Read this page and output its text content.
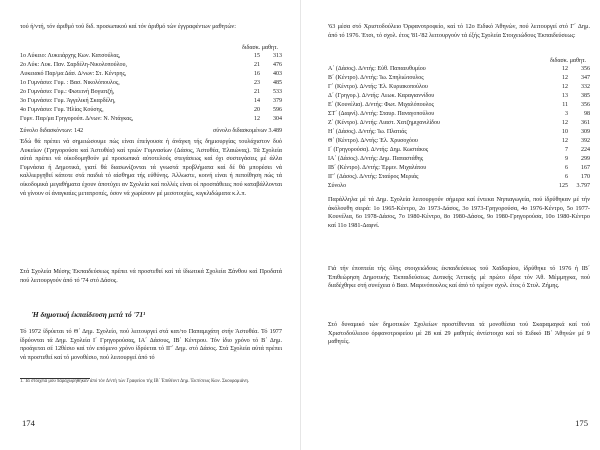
τού ή/ντή, τόν άριθμό τού διδ. προσωπικού καί τόν άριθμό τών έγγραφέντων μαθητών:

διδασκ. μαθητ.
1ο Λύκειο: Λυκειάρχης Κων. Κατσούλας,	15	313
2ο Λύκ: Λυκ. Παν. Σαρδέλη-Νικολοπούλου,	21	476
Λυκειακό Παρ/μα Δάσ. Δ/νων: Στ. Κέντρης,	16	403
1ο Γυμνάσιο: Γυμ. : Βασ. Νικολόπουλος,	23	485
2ο Γυμνάσιο: Γυμ.: Φωτεινή Βογιατζή,	21	533
3ο Γυμνάσιο: Γυμ. Άγγελική Σκαρδέλη,	14	379
4ο Γυμνάσιο: Γυμ. Ήλίας Κούσης,	20	596
Γυμν. Παρ/μα Γρηγορούπ. Δ/νων: Ν. Ντάγκας,	12	304
Σύνολο διδασκόντων: 142	σύνολο διδασκομένων 3.489

Έδώ θά πρέπει νά σημειώσουμε πώς είναι έπείγουσα ή άνάγκη τής δημιουργίας τουλάχιστον δυό Λυκείων (Γρηγορούσα καί Άστυθέα) καί τριών Γυμνασίων (Δάσος, Άστυθέα, Έλαιώνας). Τά Σχολεία αύτά πρέπει νά οίκοδομηθούν μέ προσωπικά αύτοτελούς στεγάσεως καί όχι συστεγάσεις μέ άλλα Γυμνάσια ή Δημοτικά, γιατί θά διασωνίζονται τά γνωστά προβλήματα καί δέ θά μπορέσει νά καλλιεργηθεί κάποτε στά παιδιά τό αίσθημα τής εύθύνης. Άλλωστε, κοινή είναι ή πεποίθηση πώς τά οίκοδομικά μεγαθήματα έχουν άποτύχει αν Σχολεία καί πολλές είναι οί προσπάθειες πού καταβάλλονται νά γίνουν οί άναγκαίες μετατροπές, όσον νά χωρίσουν μέ μεσοτοιχίες, κιγκλιδώματα κ.λ.π.

Στά Σχολεία Μέσης Έκπαιδεύσεως πρέπει νά προστεθεί καί τά ίδιωτικά Σχολεία Ξάνθου καί Προδατά πού λειτουργούν άπό τό '74 στό Δάσος.

Ή δημοτική έκπαίδευση μετά τό '71¹

Τό 1972 ίδρύεται τό Θ΄ Δημ. Σχολείο, πού λειτουργεί στά κατ/το Παπαμιχάτη στήν Άστυθέα. Τό 1977 ίδρύονται τά Δημ. Σχολεία Ι΄ Γρηγορούσας, ΙΑ΄ Δάσους, ΙΒ΄ Κέντρου. Τόν ίδιο χρόνο τό Β΄ Δημ. προάγεται σέ 12θέσιο καί τόν επόμενο χρόνο ίδρύεται τό ΙΓ΄ Δημ. στό Δάσος. Στά Σχολεία αύτά πρέπει νά προστεθεί καί τό μονοθέσιο, πού λειτουργεί άπό τό

1. Τα στοιχεία μού παραχωρήθηκαν άπό τόν Δ/ντή τών Γραφείου τής ΙΒ΄ Έπιθέοντ Δημ. Έκπ/σεως Κων. Σκουραμιάνη.

174

'63 μέσα στό Χριστοδούλειο Όρφανοτροφείο, καί τό 12ο Ειδικό Άθηνών, πού λειτουργεί στό Γ΄ Δημ. άπό τό 1976. Έτσι, τό σχολ. έτος '81-'82 λειτουργούν τά έξής Σχολεία Στοιχειώδους Έκπαιδεύσεως:

διδασκ. μαθητ.
Α΄ (Δάσος). Δ/ντής: Εύθ. Παπαευθυμίου	12	356
Β΄ (Κέντρο). Δ/ντής: Ίω. Σπηλιώτουλος	12	347
Γ΄ (Κέντρο). Δ/ντής: Έλ. Κυριακοπούλου	12	332
Δ΄ (Γρηγορ.). Δ/ντής: Λεωκ. Καραγιαννίδου	13	385
Ε΄ (Κουνέλια). Δ/ντής: Φωτ. Μιχαλόπουλος	11	356
ΣΤ΄ (Δαφνί). Δ/ντής: Σταυρ. Παναγοπούλου	3	98
Ζ΄ (Κέντρο). Δ/ντής: Λιαστ. Χατζημιχανιλίδου	12	361
Η΄ (Δάσος). Δ/ντής: Ίω. Πλατιάς	10	309
Θ΄ (Κέντρο). Δ/ντής: Έλ. Χρυσοχόου	12	392
Ι΄ (Γρηγορούσα). Δ/ντής: Δημ. Κωστάκος	7	224
ΙΑ΄ (Δάσος). Δ/ντής: Δημ. Παπαστάθης	9	299
ΙΒ΄ (Κέντρο). Δ/ντής: Έρμιν. Μιχαλάτου	6	167
ΙΓ΄ (Δάσος). Δ/ντής: Σταύρος Μεριάς	6	170
Σύνολο	125	3.797

Παράλληλα μέ τά Δημ. Σχολεία λειτουργούν σήμερα καί έντεκα Νηπιαγωγεία, πού ίδρύθηκαν μέ τήν άκόλουθη σειρά: 1ο 1965-Κέντρο, 2ο 1973-Δάσος, 3ο 1973-Γρηγορούσα, 4ο 1976-Κέντρο, 5ο 1977-Κουνέλια, 6ο 1978-Δάσος, 7ο 1980-Κέντρο, 8ο 1980-Δάσος, 9ο 1980-Γρηγορούσα, 10ο 1980-Κέντρο καί 11ο 1981-Δαφνί.

Γιά τήν έποπτεία τής όλης στοιχειώδους έκπαιδεύσεως τού Χαϊδαρίου, ίδρύθηκε τό 1976 ή ΙΒ΄ Έπιθεώρηση Δημοτικής Έκπαιδεύσεως Δυτικής Άττικής μέ πρώτο έδρα τόν Άθ. Μέμμηγκα, πού διαδέχθηκε στή συνέχεια ό Βασ. Μαρινόπουλος καί άπό τό τρέχον σχολ. έτος ό Στυλ. Ζήμης.

Στό δυναμικό τών δημοτικών Σχολείων προστίθενται τά μονοθέσια τού Σκαραμαγκά καί τού Χριστοδούλειου όρφανοτροφείου μέ 28 καί 29 μαθητές άντίστοιχα καί τό Ειδικό ΙΒ΄ Άθηνών μέ 9 μαθητές.

175
